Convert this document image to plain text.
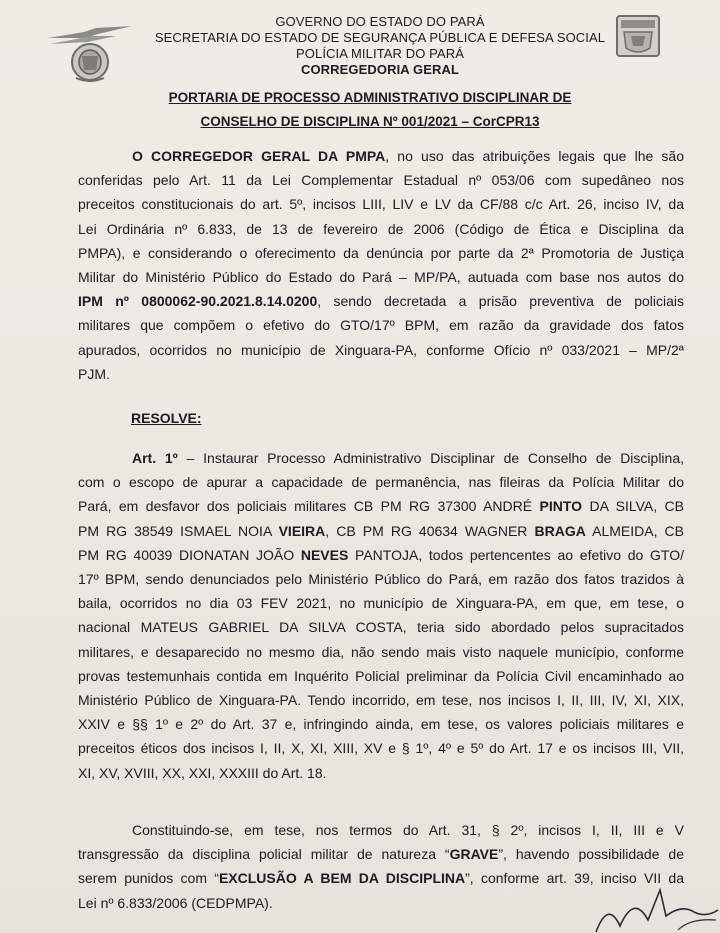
GOVERNO DO ESTADO DO PARÁ
SECRETARIA DO ESTADO DE SEGURANÇA PÚBLICA E DEFESA SOCIAL
POLÍCIA MILITAR DO PARÁ
CORREGEDORIA GERAL
PORTARIA DE PROCESSO ADMINISTRATIVO DISCIPLINAR DE
CONSELHO DE DISCIPLINA Nº 001/2021 – CorCPR13
O CORREGEDOR GERAL DA PMPA, no uso das atribuições legais que lhe são
conferidas pelo Art. 11 da Lei Complementar Estadual nº 053/06 com supedâneo nos
preceitos constitucionais do art. 5º, incisos LIII, LIV e LV da CF/88 c/c Art. 26, inciso IV, da
Lei Ordinária nº 6.833, de 13 de fevereiro de 2006 (Código de Ética e Disciplina da
PMPA), e considerando o oferecimento da denúncia por parte da 2ª Promotoria de Justiça
Militar do Ministério Público do Estado do Pará – MP/PA, autuada com base nos autos do
IPM nº 0800062-90.2021.8.14.0200, sendo decretada a prisão preventiva de policiais
militares que compõem o efetivo do GTO/17º BPM, em razão da gravidade dos fatos
apurados, ocorridos no município de Xinguara-PA, conforme Ofício nº 033/2021 – MP/2ª
PJM.
RESOLVE:
Art. 1º – Instaurar Processo Administrativo Disciplinar de Conselho de Disciplina,
com o escopo de apurar a capacidade de permanência, nas fileiras da Polícia Militar do
Pará, em desfavor dos policiais militares CB PM RG 37300 ANDRÉ PINTO DA SILVA, CB
PM RG 38549 ISMAEL NOIA VIEIRA, CB PM RG 40634 WAGNER BRAGA ALMEIDA, CB
PM RG 40039 DIONATAN JOÃO NEVES PANTOJA, todos pertencentes ao efetivo do GTO/
17º BPM, sendo denunciados pelo Ministério Público do Pará, em razão dos fatos trazidos à
baila, ocorridos no dia 03 FEV 2021, no município de Xinguara-PA, em que, em tese, o
nacional MATEUS GABRIEL DA SILVA COSTA, teria sido abordado pelos supracitados
militares, e desaparecido no mesmo dia, não sendo mais visto naquele município, conforme
provas testemunhais contida em Inquérito Policial preliminar da Polícia Civil encaminhado ao
Ministério Público de Xinguara-PA. Tendo incorrido, em tese, nos incisos I, II, III, IV, XI, XIX,
XXIV e §§ 1º e 2º do Art. 37 e, infringindo ainda, em tese, os valores policiais militares e
preceitos éticos dos incisos I, II, X, XI, XIII, XV e § 1º, 4º e 5º do Art. 17 e os incisos III, VII,
XI, XV, XVIII, XX, XXI, XXXIII do Art. 18.
Constituindo-se, em tese, nos termos do Art. 31, § 2º, incisos I, II, III e V
transgressão da disciplina policial militar de natureza “GRAVE”, havendo possibilidade de
serem punidos com “EXCLUSÃO A BEM DA DISCIPLINA”, conforme art. 39, inciso VII da
Lei nº 6.833/2006 (CEDPMPA).
